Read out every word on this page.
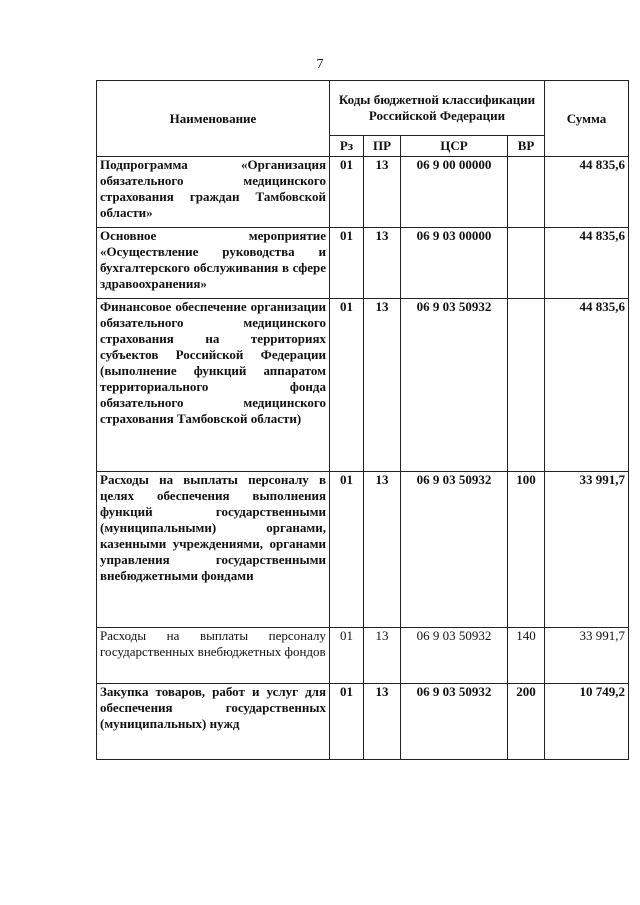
7
Наименование	Коды бюджетной классификации Российской Федерации				Сумма
	Рз	ПР	ЦСР	ВР	
Подпрограмма «Организация обязательного медицинского страхования граждан Тамбовской области»	01	13	06 9 00 00000		44 835,6
Основное мероприятие «Осуществление руководства и бухгалтерского обслуживания в сфере здравоохранения»	01	13	06 9 03 00000		44 835,6
Финансовое обеспечение организации обязательного медицинского страхования на территориях субъектов Российской Федерации (выполнение функций аппаратом территориального фонда обязательного медицинского страхования Тамбовской области)	01	13	06 9 03 50932		44 835,6
Расходы на выплаты персоналу в целях обеспечения выполнения функций государственными (муниципальными) органами, казенными учреждениями, органами управления государственными внебюджетными фондами	01	13	06 9 03 50932	100	33 991,7
Расходы на выплаты персоналу государственных внебюджетных фондов	01	13	06 9 03 50932	140	33 991,7
Закупка товаров, работ и услуг для обеспечения государственных (муниципальных) нужд	01	13	06 9 03 50932	200	10 749,2
